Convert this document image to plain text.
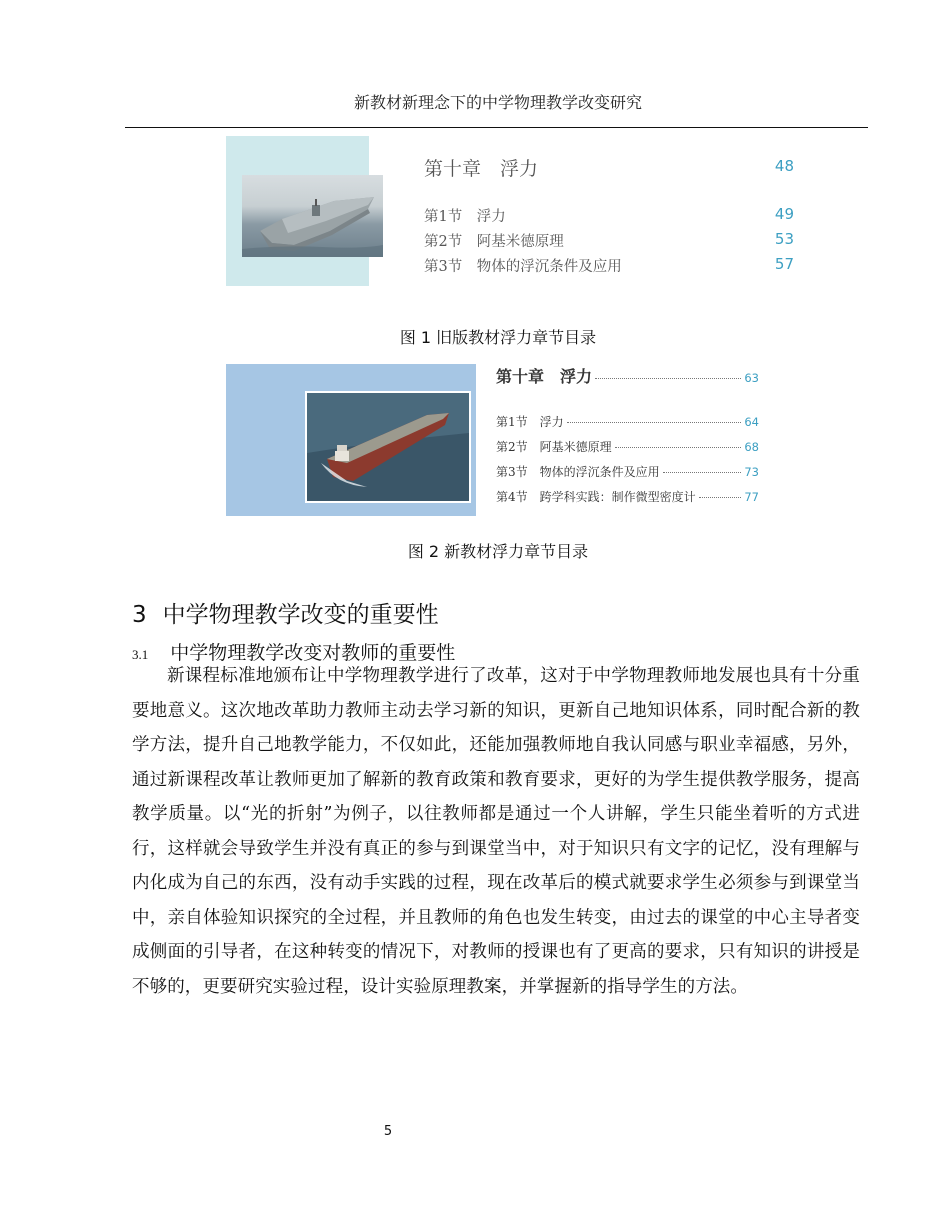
新教材新理念下的中学物理教学改变研究
第十章　浮力	48
第1节　浮力	49
第2节　阿基米德原理	53
第3节　物体的浮沉条件及应用	57
图 1 旧版教材浮力章节目录
第十章　浮力	63
第1节　浮力	64
第2节　阿基米德原理	68
第3节　物体的浮沉条件及应用	73
第4节　跨学科实践：制作微型密度计	77
图 2 新教材浮力章节目录
3 中学物理教学改变的重要性
3.1 中学物理教学改变对教师的重要性
新课程标准地颁布让中学物理教学进行了改革，这对于中学物理教师地发展也具有十分重要地意义。这次地改革助力教师主动去学习新的知识，更新自己地知识体系，同时配合新的教学方法，提升自己地教学能力，不仅如此，还能加强教师地自我认同感与职业幸福感，另外，通过新课程改革让教师更加了解新的教育政策和教育要求，更好的为学生提供教学服务，提高教学质量。以“光的折射”为例子，以往教师都是通过一个人讲解，学生只能坐着听的方式进行，这样就会导致学生并没有真正的参与到课堂当中，对于知识只有文字的记忆，没有理解与内化成为自己的东西，没有动手实践的过程，现在改革后的模式就要求学生必须参与到课堂当中，亲自体验知识探究的全过程，并且教师的角色也发生转变，由过去的课堂的中心主导者变成侧面的引导者，在这种转变的情况下，对教师的授课也有了更高的要求，只有知识的讲授是不够的，更要研究实验过程，设计实验原理教案，并掌握新的指导学生的方法。
5
